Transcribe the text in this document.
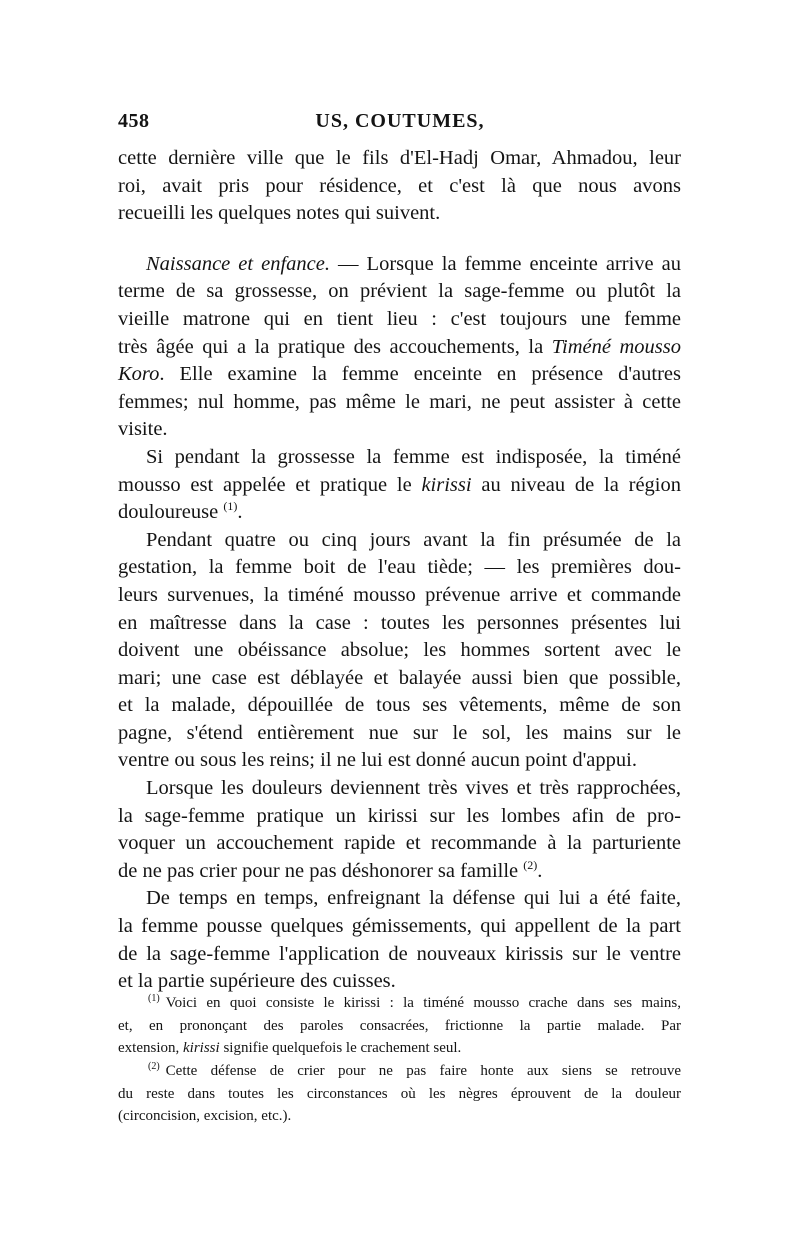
458	US, COUTUMES,
cette dernière ville que le fils d'El-Hadj Omar, Ahmadou, leur
roi, avait pris pour résidence, et c'est là que nous avons
recueilli les quelques notes qui suivent.
Naissance et enfance. — Lorsque la femme enceinte arrive au
terme de sa grossesse, on prévient la sage-femme ou plutôt la
vieille matrone qui en tient lieu : c'est toujours une femme
très âgée qui a la pratique des accouchements, la Timéné mousso
Koro. Elle examine la femme enceinte en présence d'autres
femmes; nul homme, pas même le mari, ne peut assister à cette
visite.
Si pendant la grossesse la femme est indisposée, la timéné
mousso est appelée et pratique le kirissi au niveau de la région
douloureuse $^{(1)}$.
Pendant quatre ou cinq jours avant la fin présumée de la
gestation, la femme boit de l'eau tiède; — les premières dou-
leurs survenues, la timéné mousso prévenue arrive et commande
en maîtresse dans la case : toutes les personnes présentes lui
doivent une obéissance absolue; les hommes sortent avec le
mari; une case est déblayée et balayée aussi bien que possible,
et la malade, dépouillée de tous ses vêtements, même de son
pagne, s'étend entièrement nue sur le sol, les mains sur le
ventre ou sous les reins; il ne lui est donné aucun point d'appui.
Lorsque les douleurs deviennent très vives et très rapprochées,
la sage-femme pratique un kirissi sur les lombes afin de pro-
voquer un accouchement rapide et recommande à la parturiente
de ne pas crier pour ne pas déshonorer sa famille $^{(2)}$.
De temps en temps, enfreignant la défense qui lui a été faite,
la femme pousse quelques gémissements, qui appellent de la part
de la sage-femme l'application de nouveaux kirissis sur le ventre
et la partie supérieure des cuisses.
$^{(1)}$ Voici en quoi consiste le kirissi : la timéné mousso crache dans ses mains,
et, en prononçant des paroles consacrées, frictionne la partie malade. Par
extension, kirissi signifie quelquefois le crachement seul.
$^{(2)}$ Cette défense de crier pour ne pas faire honte aux siens se retrouve
du reste dans toutes les circonstances où les nègres éprouvent de la douleur
(circoncision, excision, etc.).
